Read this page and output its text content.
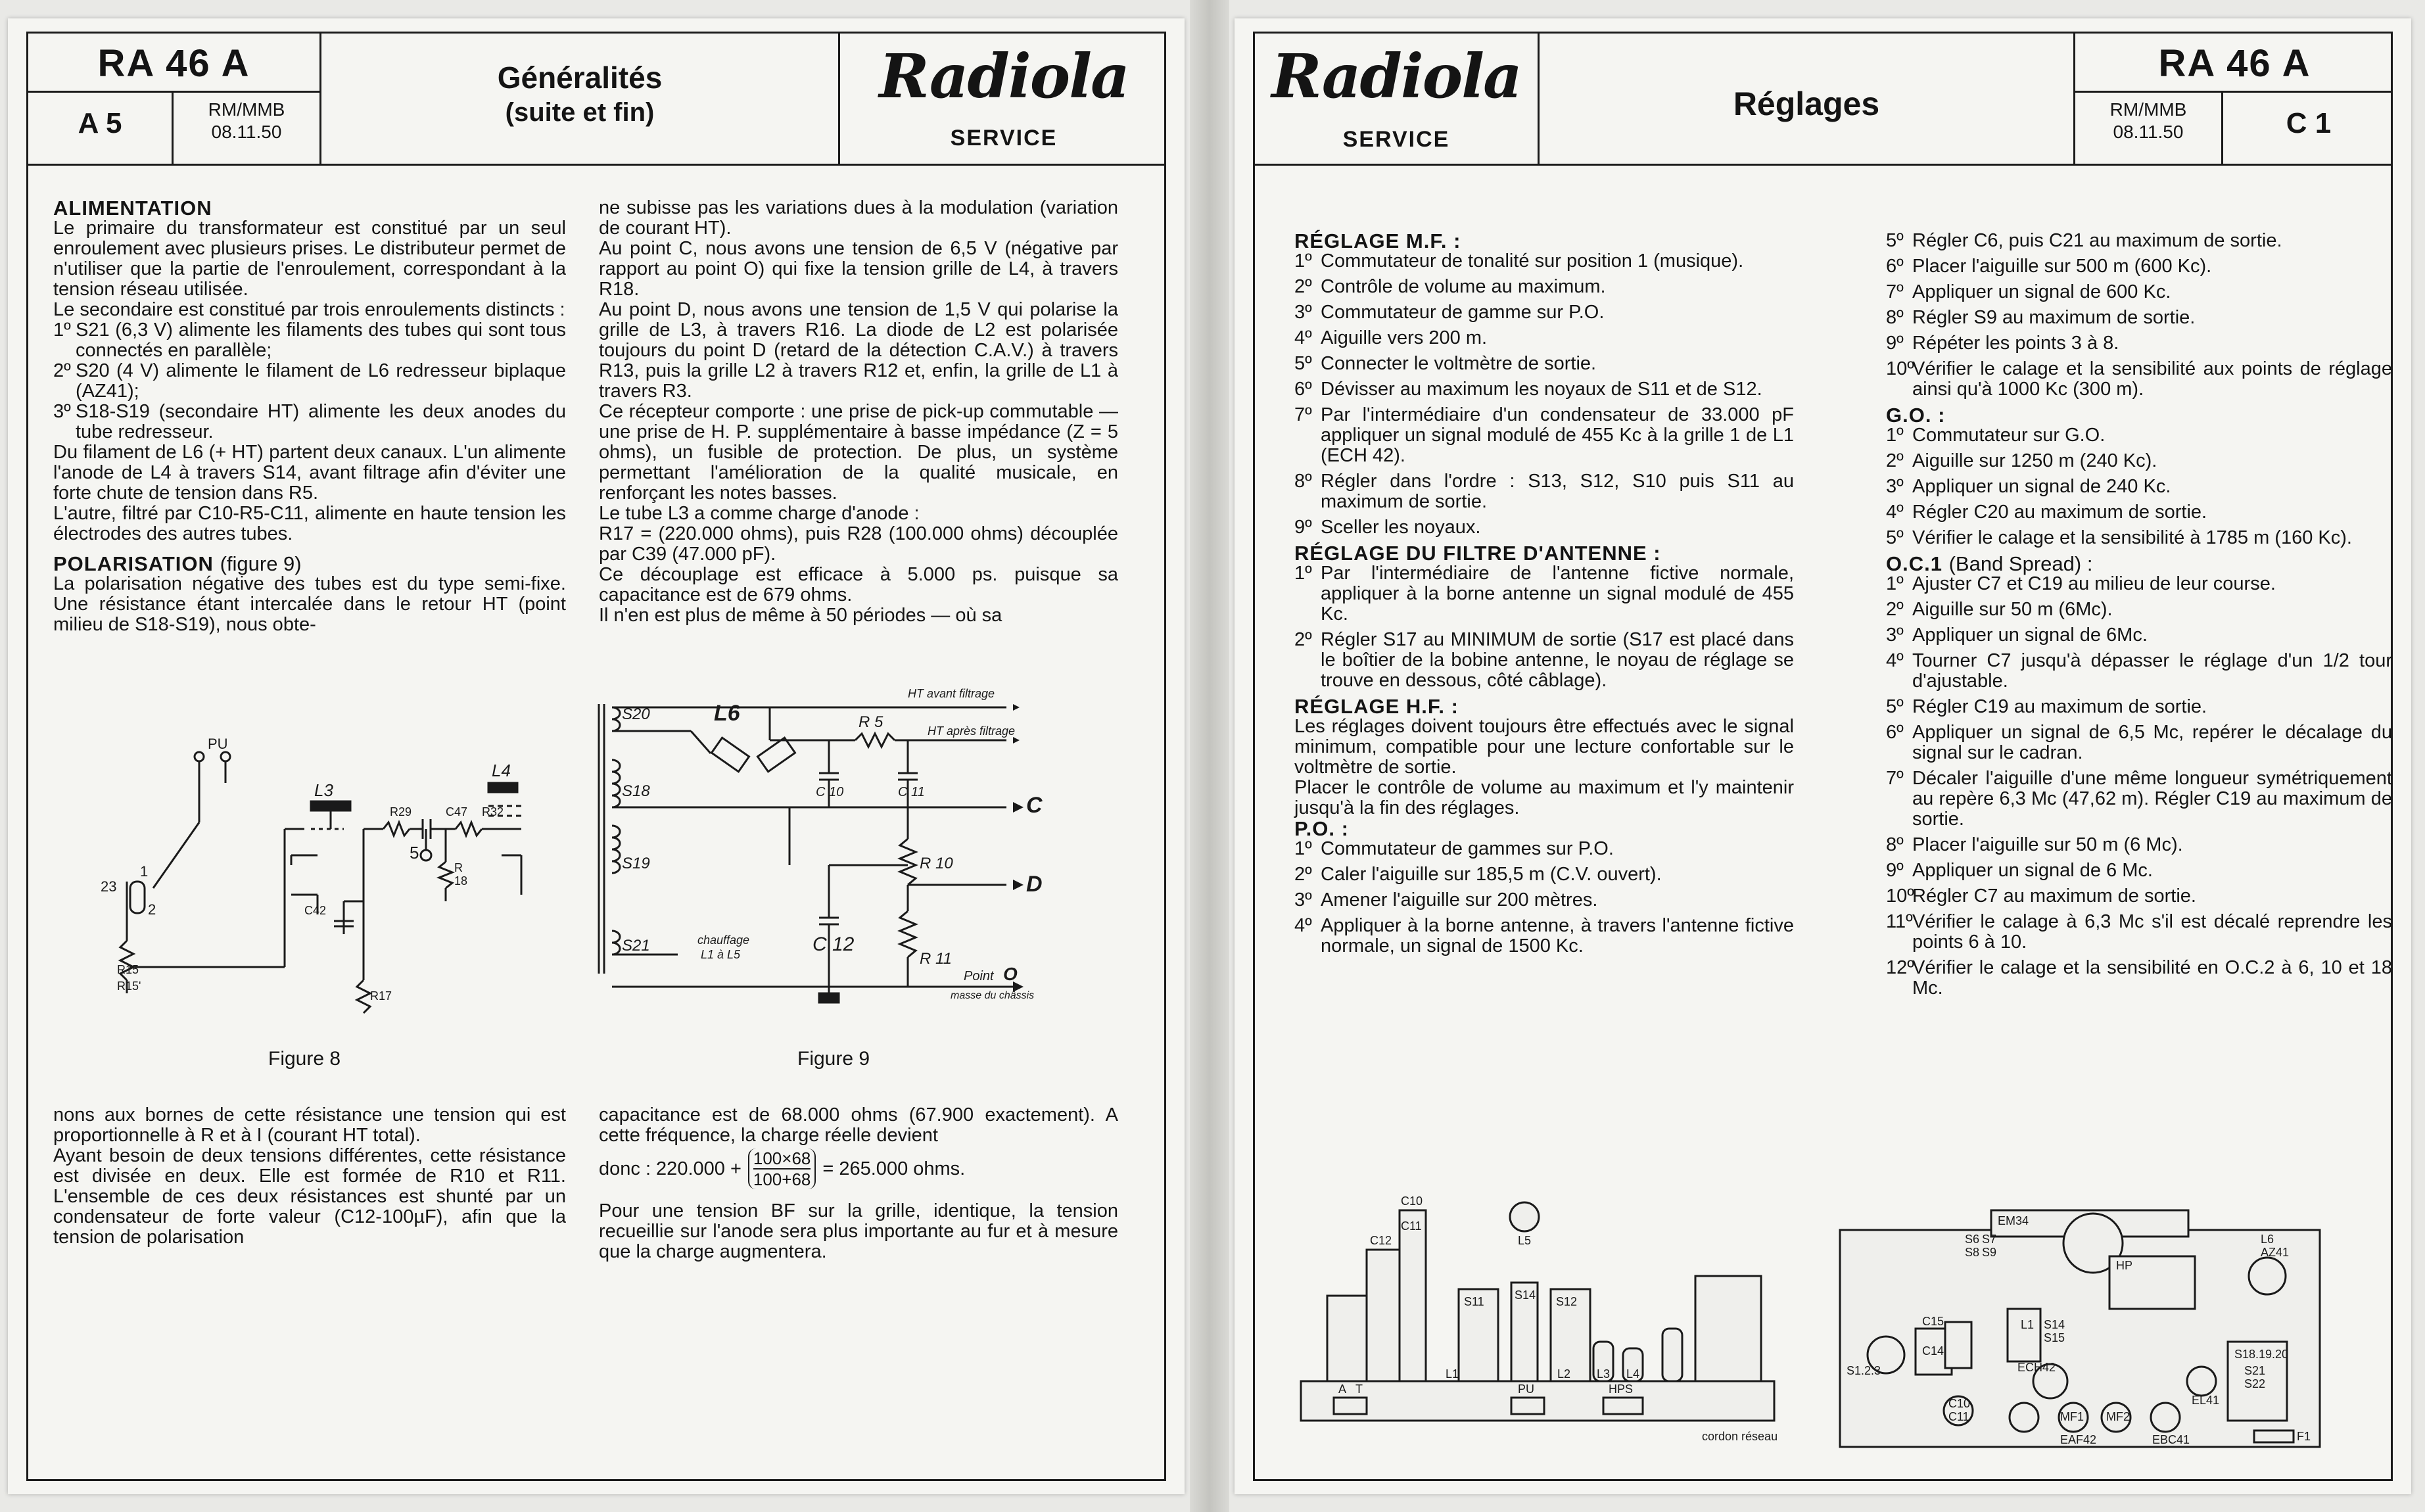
RA 46 A
A 5	RM/MMB
08.11.50
Généralités
(suite et fin)
Radiola
SERVICE

ALIMENTATION

Le primaire du transformateur est constitué par un seul enroulement avec plusieurs prises. Le distributeur permet de n'utiliser que la partie de l'enroulement, correspondant à la tension réseau utilisée.

Le secondaire est constitué par trois enroulements distincts :

1º S21 (6,3 V) alimente les filaments des tubes qui sont tous connectés en parallèle;

2º S20 (4 V) alimente le filament de L6 redresseur biplaque (AZ41);

3º S18-S19 (secondaire HT) alimente les deux anodes du tube redresseur.

Du filament de L6 (+ HT) partent deux canaux. L'un alimente l'anode de L4 à travers S14, avant filtrage afin d'éviter une forte chute de tension dans R5.

L'autre, filtré par C10-R5-C11, alimente en haute tension les électrodes des autres tubes.

POLARISATION (figure 9)

La polarisation négative des tubes est du type semi-fixe. Une résistance étant intercalée dans le retour HT (point milieu de S18-S19), nous obte-

ne subisse pas les variations dues à la modulation (variation de courant HT).

Au point C, nous avons une tension de 6,5 V (négative par rapport au point O) qui fixe la tension grille de L4, à travers R18.

Au point D, nous avons une tension de 1,5 V qui polarise la grille de L3, à travers R16. La diode de L2 est polarisée toujours du point D (retard de la détection C.A.V.) à travers R13, puis la grille L2 à travers R12 et, enfin, la grille de L1 à travers R3.

Ce récepteur comporte : une prise de pick-up commutable — une prise de H. P. supplémentaire à basse impédance (Z = 5 ohms), un fusible de protection. De plus, un système permettant l'amélioration de la qualité musicale, en renforçant les notes basses.

Le tube L3 a comme charge d'anode :

R17 = (220.000 ohms), puis R28 (100.000 ohms) découplée par C39 (47.000 pF).

Ce découplage est efficace à 5.000 ps. puisque sa capacitance est de 679 ohms.

Il n'en est plus de même à 50 périodes — où sa

PU
L3
L4
R29	C47 R32
5
R
18
C42
23
1
2
R15
R15'
R17
Figure 8
HT avant filtrage
HT après filtrage
S20	L6	R 5
S18	C 10	C 11
C
S19	R 10
D
S21	chauffage
L1 à L5	C 12
R 11
Point O
masse du châssis
Figure 9

nons aux bornes de cette résistance une tension qui est proportionnelle à R et à I (courant HT total).

Ayant besoin de deux tensions différentes, cette résistance est divisée en deux. Elle est formée de R10 et R11. L'ensemble de ces deux résistances est shunté par un condensateur de forte valeur (C12-100µF), afin que la tension de polarisation

capacitance est de 68.000 ohms (67.900 exactement). A cette fréquence, la charge réelle devient

donc : $220.000 + \frac{100\times 68}{100+68} = 265.000$ ohms.

Pour une tension BF sur la grille, identique, la tension recueillie sur l'anode sera plus importante au fur et à mesure que la charge augmentera.

Radiola
SERVICE
Réglages
RA 46 A
RM/MMB
08.11.50	C 1

RÉGLAGE M.F. :

1º Commutateur de tonalité sur position 1 (musique).

2º Contrôle de volume au maximum.

3º Commutateur de gamme sur P.O.

4º Aiguille vers 200 m.

5º Connecter le voltmètre de sortie.

6º Dévisser au maximum les noyaux de S11 et de S12.

7º Par l'intermédiaire d'un condensateur de 33.000 pF appliquer un signal modulé de 455 Kc à la grille 1 de L1 (ECH 42).

8º Régler dans l'ordre : S13, S12, S10 puis S11 au maximum de sortie.

9º Sceller les noyaux.

RÉGLAGE DU FILTRE D'ANTENNE :

1º Par l'intermédiaire de l'antenne fictive normale, appliquer à la borne antenne un signal modulé de 455 Kc.

2º Régler S17 au MINIMUM de sortie (S17 est placé dans le boîtier de la bobine antenne, le noyau de réglage se trouve en dessous, côté câblage).

RÉGLAGE H.F. :

Les réglages doivent toujours être effectués avec le signal minimum, compatible pour une lecture confortable sur le voltmètre de sortie.

Placer le contrôle de volume au maximum et l'y maintenir jusqu'à la fin des réglages.

P.O. :

1º Commutateur de gammes sur P.O.

2º Caler l'aiguille sur 185,5 m (C.V. ouvert).

3º Amener l'aiguille sur 200 mètres.

4º Appliquer à la borne antenne, à travers l'antenne fictive normale, un signal de 1500 Kc.

5º Régler C6, puis C21 au maximum de sortie.

6º Placer l'aiguille sur 500 m (600 Kc).

7º Appliquer un signal de 600 Kc.

8º Régler S9 au maximum de sortie.

9º Répéter les points 3 à 8.

10ºVérifier le calage et la sensibilité aux points de réglage ainsi qu'à 1000 Kc (300 m).

G.O. :

1º Commutateur sur G.O.

2º Aiguille sur 1250 m (240 Kc).

3º Appliquer un signal de 240 Kc.

4º Régler C20 au maximum de sortie.

5º Vérifier le calage et la sensibilité à 1785 m (160 Kc).

O.C.1 (Band Spread) :

1º Ajuster C7 et C19 au milieu de leur course.

2º Aiguille sur 50 m (6Mc).

3º Appliquer un signal de 6Mc.

4º Tourner C7 jusqu'à dépasser le réglage d'un 1/2 tour d'ajustable.

5º Régler C19 au maximum de sortie.

6º Appliquer un signal de 6,5 Mc, repérer le décalage du signal sur le cadran.

7º Décaler l'aiguille d'une même longueur symétriquement au repère 6,3 Mc (47,62 m). Régler C19 au maximum de sortie.

8º Placer l'aiguille sur 50 m (6 Mc).

9º Appliquer un signal de 6 Mc.

10ºRégler C7 au maximum de sortie.

11ºVérifier le calage à 6,3 Mc s'il est décalé reprendre les points 6 à 10.

12ºVérifier le calage et la sensibilité en O.C.2 à 6, 10 et 18 Mc.

C10
C11
C12	L5
S11	S14 S12
L1	L2 L3 L4
A T	PU	HPS
cordon réseau
EM34
S6 S7
S8 S9
HP
L6
AZ41
C15
C14
S1.2.3
L1 S14
S15
ECH42
S18.19.20
S21
S22
EL41
C10
C11	MF1 MF2
EAF42	EBC41	F1
